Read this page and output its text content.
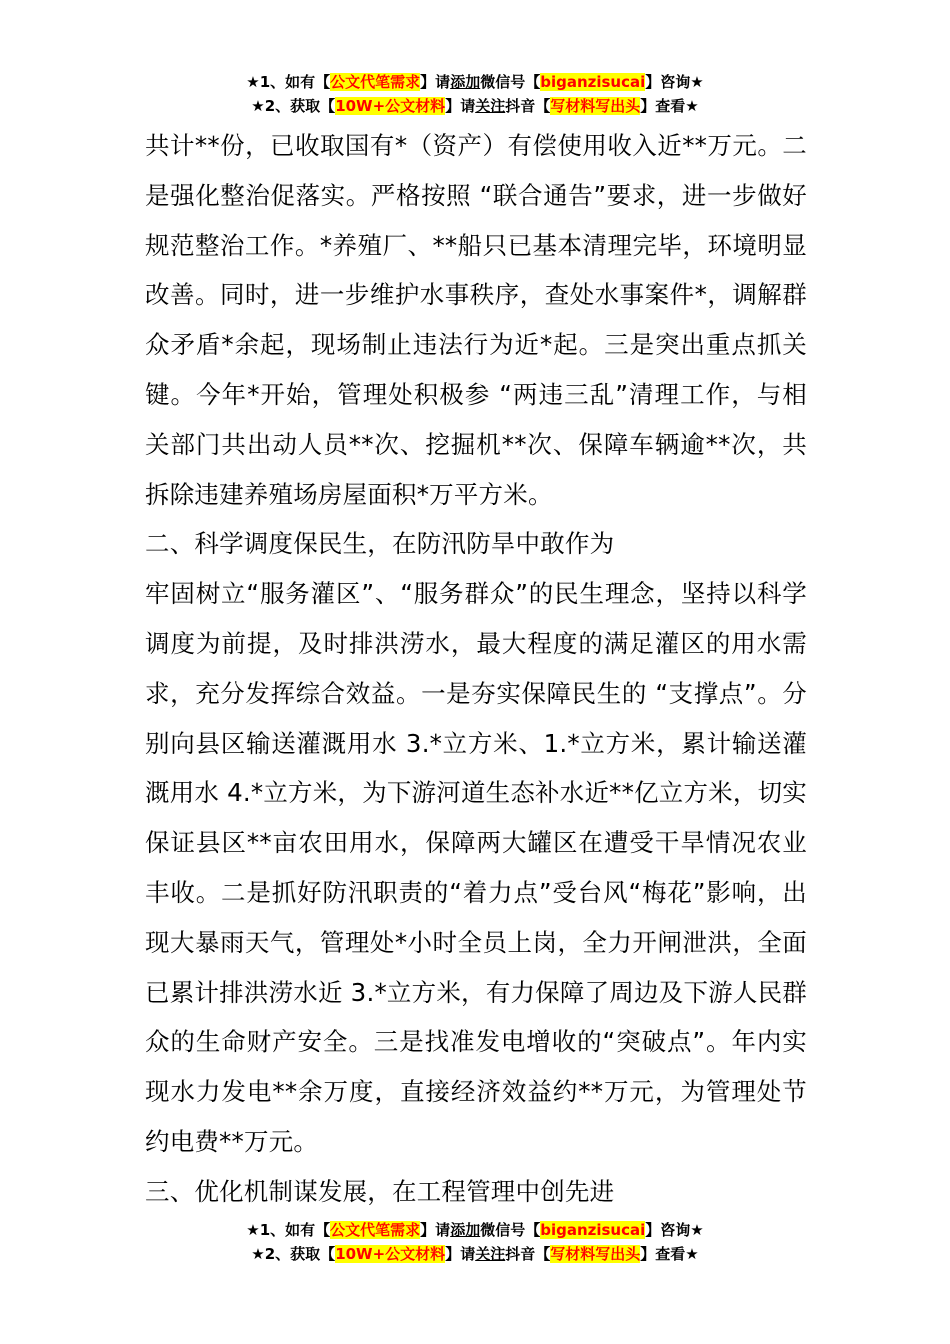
★1、如有【公文代笔需求】请添加微信号【biganzisucai】咨询★
★2、获取【10W+公文材料】请关注抖音【写材料写出头】查看★

共计**份，已收取国有*（资产）有偿使用收入近**万元。二是强化整治促落实。严格按照 “联合通告”要求，进一步做好规范整治工作。*养殖厂、**船只已基本清理完毕，环境明显改善。同时，进一步维护水事秩序，查处水事案件*，调解群众矛盾*余起，现场制止违法行为近*起。三是突出重点抓关键。今年*开始，管理处积极参 “两违三乱”清理工作，与相关部门共出动人员**次、挖掘机**次、保障车辆逾**次，共拆除违建养殖场房屋面积*万平方米。

二、科学调度保民生，在防汛防旱中敢作为

牢固树立“服务灌区”、“服务群众”的民生理念，坚持以科学调度为前提，及时排洪涝水，最大程度的满足灌区的用水需求，充分发挥综合效益。一是夯实保障民生的 “支撑点”。分别向县区输送灌溉用水 3.*立方米、1.*立方米，累计输送灌溉用水 4.*立方米，为下游河道生态补水近**亿立方米，切实保证县区**亩农田用水，保障两大罐区在遭受干旱情况农业丰收。二是抓好防汛职责的“着力点”受台风“梅花”影响，出现大暴雨天气，管理处*小时全员上岗，全力开闸泄洪，全面已累计排洪涝水近 3.*立方米，有力保障了周边及下游人民群众的生命财产安全。三是找准发电增收的“突破点”。年内实现水力发电**余万度，直接经济效益约**万元，为管理处节约电费**万元。

三、优化机制谋发展，在工程管理中创先进

★1、如有【公文代笔需求】请添加微信号【biganzisucai】咨询★
★2、获取【10W+公文材料】请关注抖音【写材料写出头】查看★
